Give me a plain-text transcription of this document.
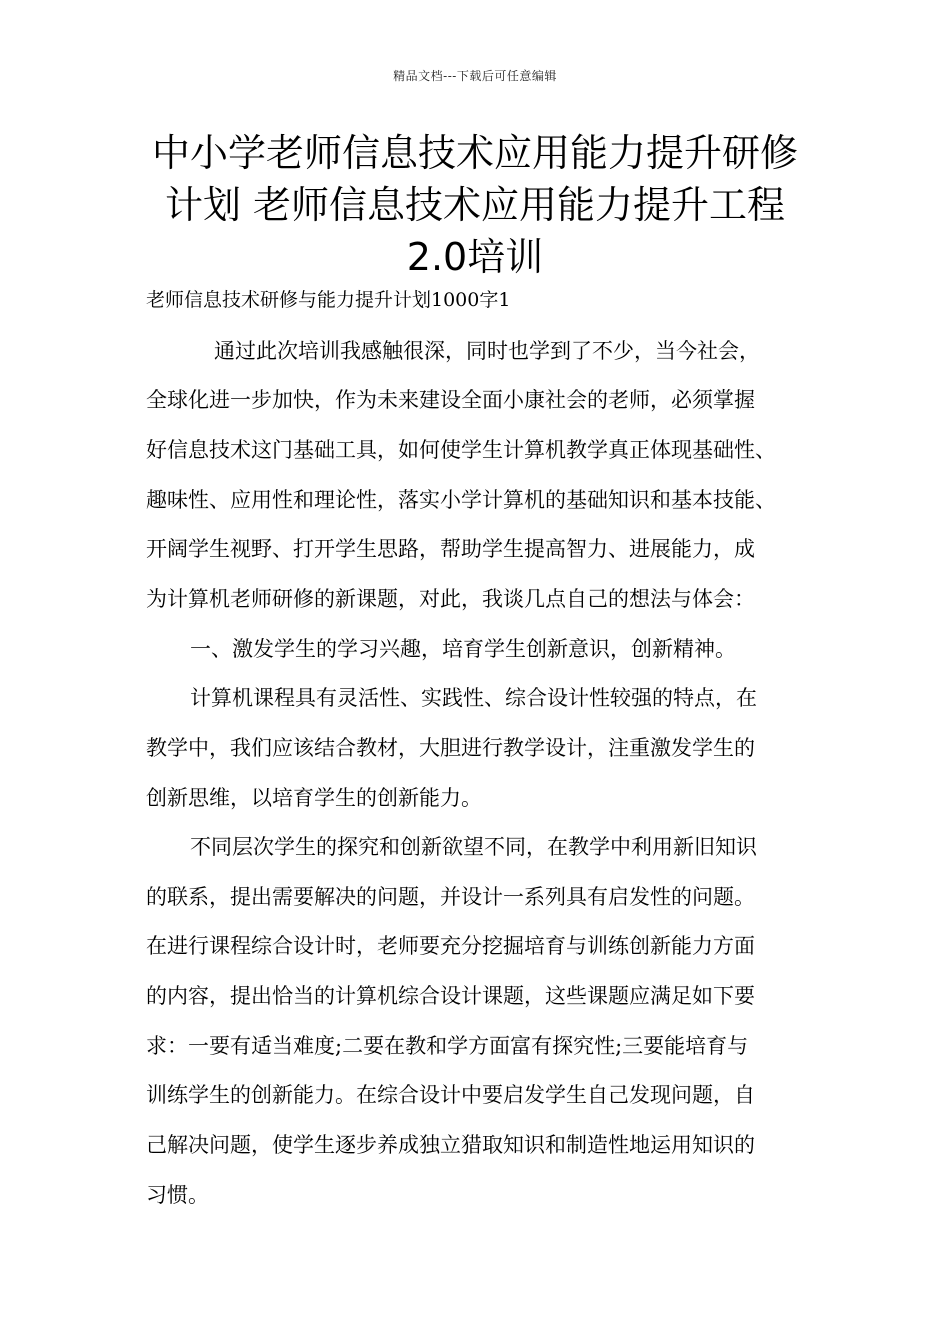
精品文档---下载后可任意编辑
中小学老师信息技术应用能力提升研修
计划 老师信息技术应用能力提升工程
2.0培训
老师信息技术研修与能力提升计划1000字1
通过此次培训我感触很深，同时也学到了不少，当今社会，
全球化进一步加快，作为未来建设全面小康社会的老师，必须掌握
好信息技术这门基础工具，如何使学生计算机教学真正体现基础性、
趣味性、应用性和理论性，落实小学计算机的基础知识和基本技能、
开阔学生视野、打开学生思路，帮助学生提高智力、进展能力，成
为计算机老师研修的新课题，对此，我谈几点自己的想法与体会：
一、激发学生的学习兴趣，培育学生创新意识，创新精神。
计算机课程具有灵活性、实践性、综合设计性较强的特点，在
教学中，我们应该结合教材，大胆进行教学设计，注重激发学生的
创新思维，以培育学生的创新能力。
不同层次学生的探究和创新欲望不同，在教学中利用新旧知识
的联系，提出需要解决的问题，并设计一系列具有启发性的问题。
在进行课程综合设计时，老师要充分挖掘培育与训练创新能力方面
的内容，提出恰当的计算机综合设计课题，这些课题应满足如下要
求：一要有适当难度;二要在教和学方面富有探究性;三要能培育与
训练学生的创新能力。在综合设计中要启发学生自己发现问题，自
己解决问题，使学生逐步养成独立猎取知识和制造性地运用知识的
习惯。
